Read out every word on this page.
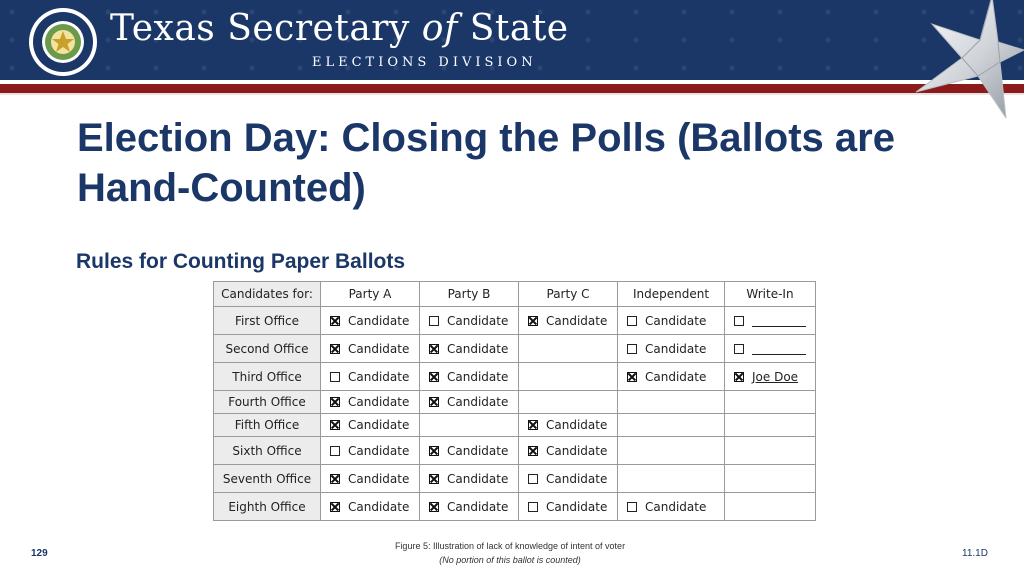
Texas Secretary of State
ELECTIONS DIVISION
Election Day: Closing the Polls (Ballots are Hand-Counted)
Rules for Counting Paper Ballots
Candidates for:	Party A	Party B	Party C	Independent	Write-In
First Office	Candidate	Candidate	Candidate	Candidate	

Second Office	Candidate	Candidate		Candidate	

Third Office	Candidate	Candidate		Candidate	Joe Doe

Fourth Office	Candidate	Candidate			

Fifth Office	Candidate		Candidate		

Sixth Office	Candidate	Candidate	Candidate		

Seventh Office	Candidate	Candidate	Candidate		

Eighth Office	Candidate	Candidate	Candidate	Candidate	

Figure 5: Illustration of lack of knowledge of intent of voter
(No portion of this ballot is counted)
129	11.1D
